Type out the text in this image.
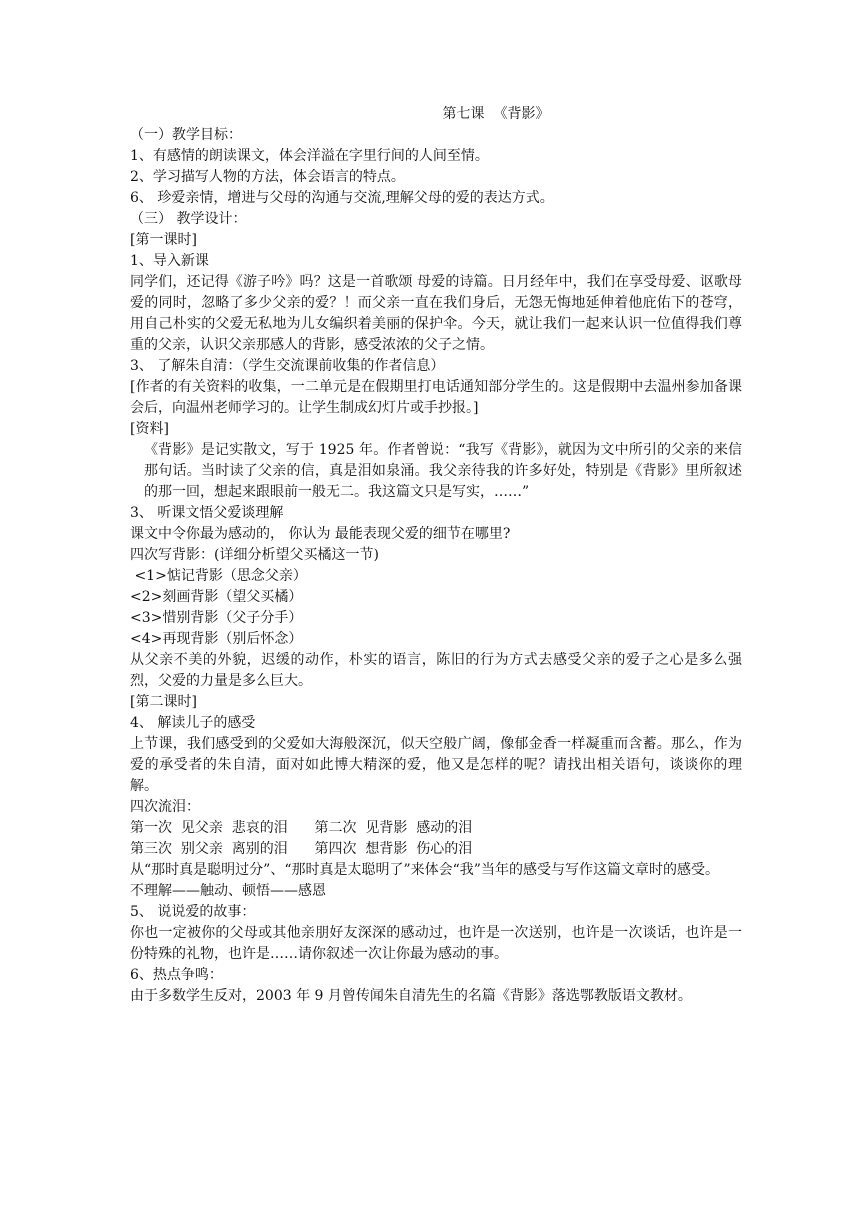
第七课  《背影》
（一）教学目标：
1、有感情的朗读课文，体会洋溢在字里行间的人间至情。
2、学习描写人物的方法，体会语言的特点。
6、 珍爱亲情，增进与父母的沟通与交流,理解父母的爱的表达方式。
（三） 教学设计：
[第一课时]
1、导入新课
同学们，还记得《游子吟》吗？这是一首歌颂 母爱的诗篇。日月经年中，我们在享受母爱、讴歌母爱的同时，忽略了多少父亲的爱？！而父亲一直在我们身后，无怨无悔地延伸着他庇佑下的苍穹，用自己朴实的父爱无私地为儿女编织着美丽的保护伞。今天，就让我们一起来认识一位值得我们尊重的父亲，认识父亲那感人的背影，感受浓浓的父子之情。
3、 了解朱自清：（学生交流课前收集的作者信息）
[作者的有关资料的收集，一二单元是在假期里打电话通知部分学生的。这是假期中去温州参加备课会后，向温州老师学习的。让学生制成幻灯片或手抄报。]
[资料]
《背影》是记实散文，写于 1925 年。作者曾说：“我写《背影》，就因为文中所引的父亲的来信那句话。当时读了父亲的信，真是泪如泉涌。我父亲待我的许多好处，特别是《背影》里所叙述的那一回，想起来跟眼前一般无二。我这篇文只是写实，……”
3、 听课文悟父爱谈理解
课文中令你最为感动的， 你认为 最能表现父爱的细节在哪里?
四次写背影：(详细分析望父买橘这一节)
<1>惦记背影（思念父亲）
<2>刻画背影（望父买橘）
<3>惜别背影（父子分手）
<4>再现背影（别后怀念）
从父亲不美的外貌，迟缓的动作，朴实的语言，陈旧的行为方式去感受父亲的爱子之心是多么强烈，父爱的力量是多么巨大。
[第二课时]
4、 解读儿子的感受
上节课，我们感受到的父爱如大海般深沉，似天空般广阔，像郁金香一样凝重而含蓄。那么，作为爱的承受者的朱自清，面对如此博大精深的爱，他又是怎样的呢？请找出相关语句，谈谈你的理解。
四次流泪：
第一次  见父亲  悲哀的泪      第二次  见背影  感动的泪
第三次  别父亲  离别的泪      第四次  想背影  伤心的泪
从“那时真是聪明过分”、“那时真是太聪明了”来体会“我”当年的感受与写作这篇文章时的感受。
不理解——触动、顿悟——感恩
5、 说说爱的故事：
你也一定被你的父母或其他亲朋好友深深的感动过，也许是一次送别，也许是一次谈话，也许是一份特殊的礼物，也许是……请你叙述一次让你最为感动的事。
6、热点争鸣：
由于多数学生反对，2003 年 9 月曾传闻朱自清先生的名篇《背影》落选鄂教版语文教材。
